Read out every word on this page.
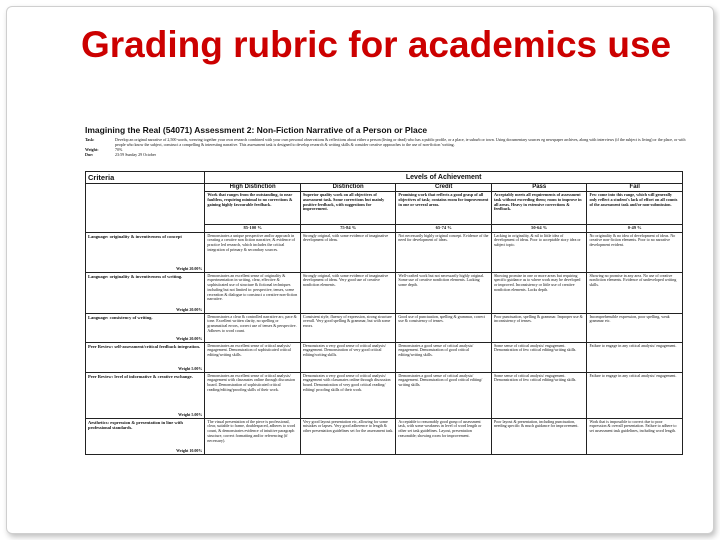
Grading rubric for academics use
Imagining the Real (54071) Assessment 2: Non-Fiction Narrative of a Person or Place
Task:	Develop an original narrative of 2,500 words, weaving together your own research combined with your own personal observations & reflections about either a person (living or dead) who has a public profile, or a place, ie suburb or town. Using documentary sources eg newspaper archives, along with interviews (if the subject is living) or the place, or with people who know the subject, construct a compelling & interesting narrative. This assessment task is designed to develop research & writing skills & consider creative approaches to the use of non-fiction 'writing.
Weight:	70%
Due:	23:59 Sunday 29 October
Criteria	Levels of Achievement				
	High Distinction	Distinction	Credit	Pass	Fail
	Work that ranges from the outstanding, to near faultless, requiring minimal to no corrections & gaining highly favourable feedback.	Superior quality work on all objectives of assessment task. Some corrections but mainly positive feedback, with suggestions for improvement.	Promising work that reflects a good grasp of all objectives of task; contains room for improvement in one or several areas.	Acceptably meets all requirements of assessment task without exceeding them; room to improve in all areas. Heavy in extensive corrections & feedback.	Few come into this range, which will generally only reflect a student's lack of effort on all counts of the assessment task and/or non-submission.
	85-100 %	75-84 %	65-74 %	50-64 %	0-49 %
Language: originality & inventiveness of concept
Weight 20.00%	Demonstrates a unique perspective and/or approach in creating a creative non fiction narrative, & evidence of practice led research, which includes the critical integration of primary & secondary sources.	Strongly original, with some evidence of imaginative development of ideas.	Not necessarily highly original concept. Evidence of the need for development of ideas.	Lacking in originality, & nil to little idea of development of ideas. Poor to acceptable story idea or subject topic.	No originality & no idea of development of ideas. No creative non-fiction elements. Poor to no narrative development evident.
Language: originality & inventiveness of writing.
Weight 20.00%	Demonstrates an excellent sense of originality & experimentation in writing, clear, effective & sophisticated use of structure & fictional techniques including but not limited to: perspective, tenses, scene recreation & dialogue to construct a creative non-fiction narrative.	Strongly original, with some evidence of imaginative development of ideas. Very good use of creative nonfiction elements.	Well-crafted work but not necessarily highly original. Some use of creative nonfiction elements. Lacking some depth.	Showing promise in one or more areas but requiring specific guidance as to where work may be developed or improved. Inconsistency or little use of creative nonfiction elements. Lacks depth.	Showing no promise in any area. No use of creative nonfiction elements. Evidence of undeveloped writing skills.
Language: consistency of writing.
Weight 20.00%	Demonstrates a clear & controlled narrative arc, pace & tone. Excellent written clarity, no spelling or grammatical errors, correct use of tenses & perspective. Adheres to word count.	Consistent style, fluency of expression, strong structure overall. Very good spelling & grammar, but with some errors.	Good use of punctuation, spelling & grammar, correct use & consistency of tenses.	Poor punctuation, spelling & grammar. Improper use & inconsistency of tenses.	Incomprehensible expression, poor spelling, weak grammar etc.
Peer Review: self-assessment/critical feedback integration.
Weight 5.00%	Demonstrates an excellent sense of critical analysis/ engagement. Demonstration of sophisticated critical editing/writing skills.	Demonstrates a very good sense of critical analysis/ engagement. Demonstration of very good critical editing/writing skills.	Demonstrates a good sense of critical analysis/ engagement. Demonstration of good critical editing/writing skills.	Some sense of critical analysis/ engagement. Demonstration of few critical editing/writing skills.	Failure to engage in any critical analysis/ engagement.
Peer Review: level of informative & creative exchange.
Weight 5.00%	Demonstrates an excellent sense of critical analysis/ engagement with classmates online through discussion board. Demonstration of sophisticated critical reading/editing/proofing skills of their work.	Demonstrates a very good sense of critical analysis/ engagement with classmates online through discussion board. Demonstration of very good critical reading/ editing/ proofing skills of their work.	Demonstrates a good sense of critical analysis/ engagement. Demonstration of good critical editing/ writing skills.	Some sense of critical analysis/ engagement. Demonstration of few critical editing/writing skills.	Failure to engage in any critical analysis/ engagement.
Aesthetics: expression & presentation in line with professional standards.
Weight 10.00%	The visual presentation of the piece is professional, clear, suitable to frame, doublespaced, adheres to word count, & demonstrates evidence of intuitive paragraph structure, correct formatting and/or referencing (if necessary).	Very good layout presentation etc, allowing for some mistakes or lapses. Very good adherence to length & other presentation guidelines set for the assessment task.	Acceptable to reasonably good grasp of assessment task, with some weakness in level of word length or other set task guidelines. Layout, presentation reasonable; showing room for improvement.	Poor layout & presentation, including punctuation, needing specific & much guidance for improvement.	Work that is impossible to correct due to poor expression & overall presentation. Failure to adhere to set assessment task guidelines, including word length.
